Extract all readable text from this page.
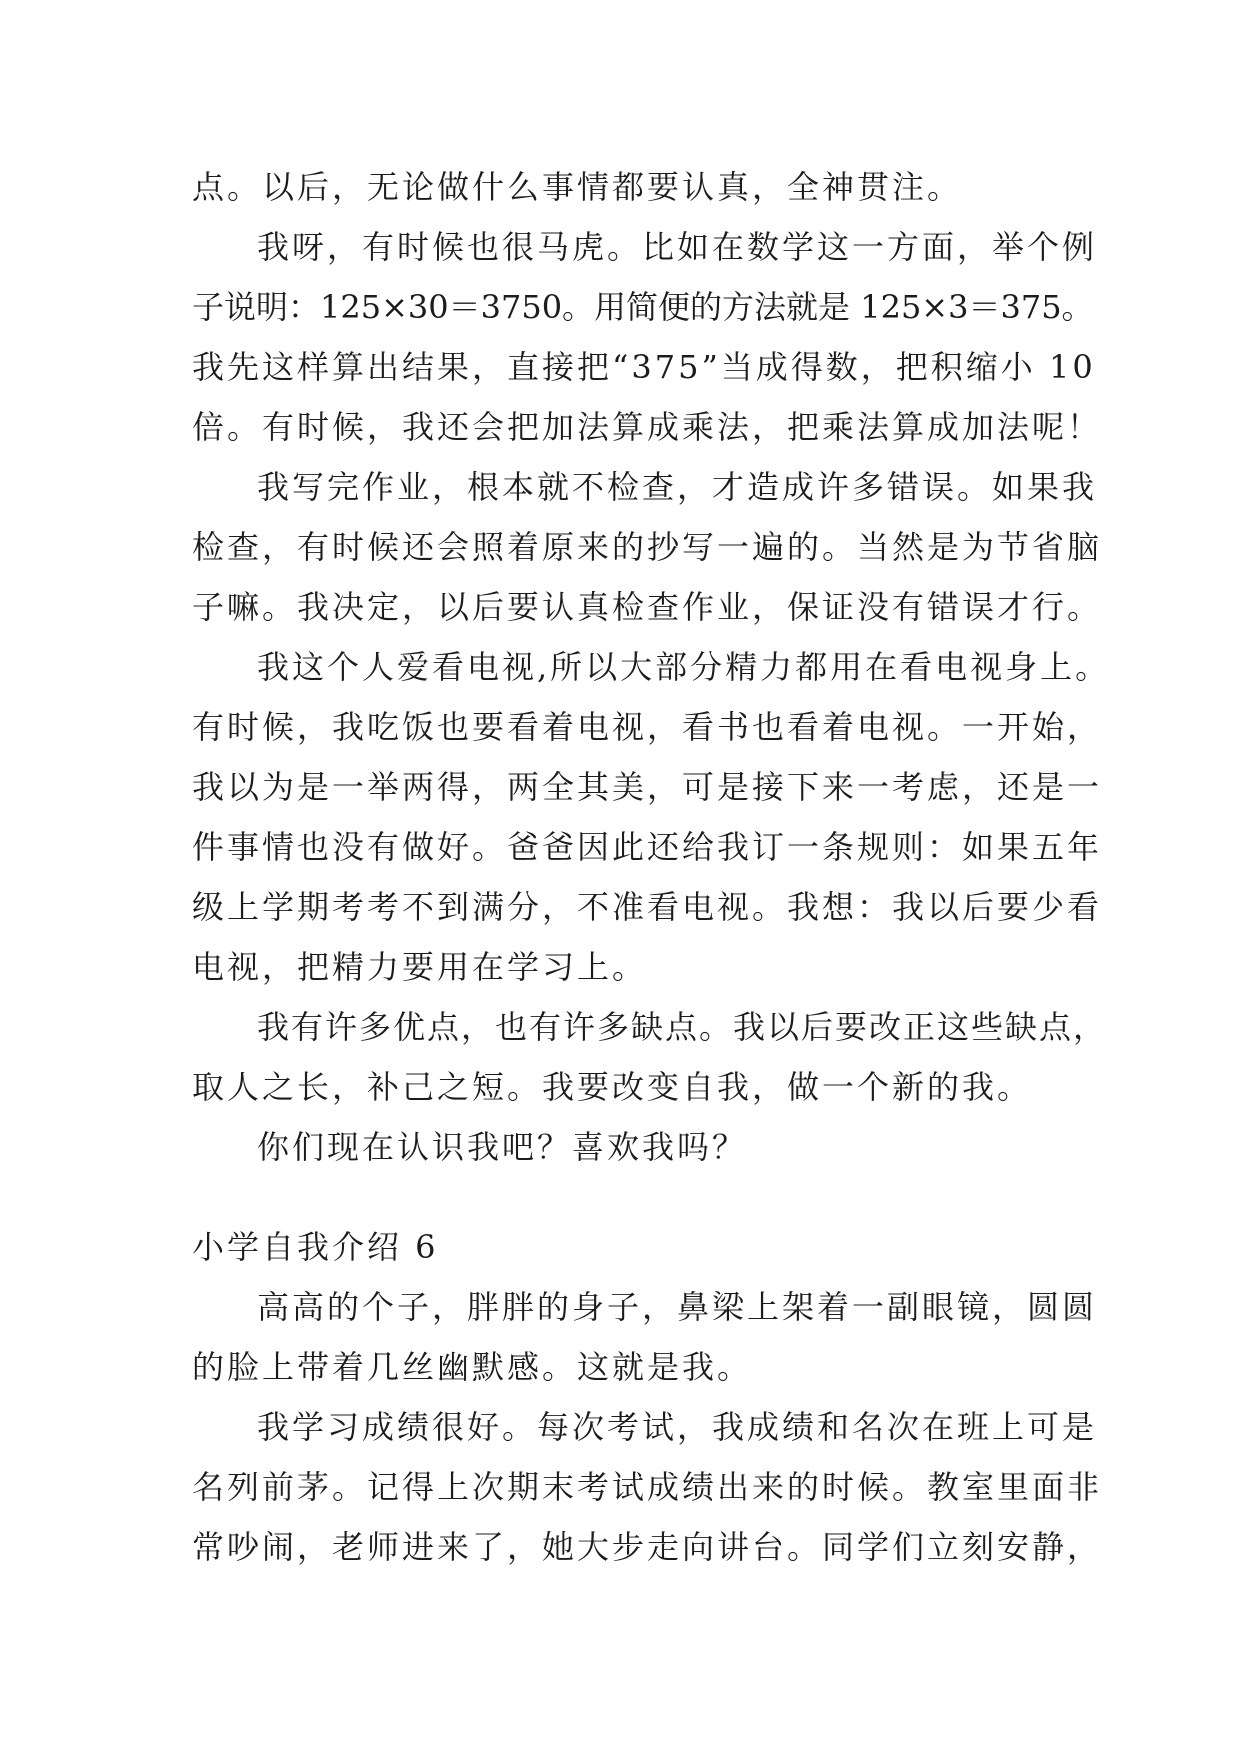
点。以后，无论做什么事情都要认真，全神贯注。
我呀，有时候也很马虎。比如在数学这一方面，举个例
子说明：125×30＝3750。用简便的方法就是 125×3＝375。
我先这样算出结果，直接把“375”当成得数，把积缩小 10
倍。有时候，我还会把加法算成乘法，把乘法算成加法呢！
我写完作业，根本就不检查，才造成许多错误。如果我
检查，有时候还会照着原来的抄写一遍的。当然是为节省脑
子嘛。我决定，以后要认真检查作业，保证没有错误才行。
我这个人爱看电视,所以大部分精力都用在看电视身上。
有时候，我吃饭也要看着电视，看书也看着电视。一开始，
我以为是一举两得，两全其美，可是接下来一考虑，还是一
件事情也没有做好。爸爸因此还给我订一条规则：如果五年
级上学期考考不到满分，不准看电视。我想：我以后要少看
电视，把精力要用在学习上。
我有许多优点，也有许多缺点。我以后要改正这些缺点，
取人之长，补己之短。我要改变自我，做一个新的我。
你们现在认识我吧？喜欢我吗？
小学自我介绍 6
高高的个子，胖胖的身子，鼻梁上架着一副眼镜，圆圆
的脸上带着几丝幽默感。这就是我。
我学习成绩很好。每次考试，我成绩和名次在班上可是
名列前茅。记得上次期末考试成绩出来的时候。教室里面非
常吵闹，老师进来了，她大步走向讲台。同学们立刻安静，
